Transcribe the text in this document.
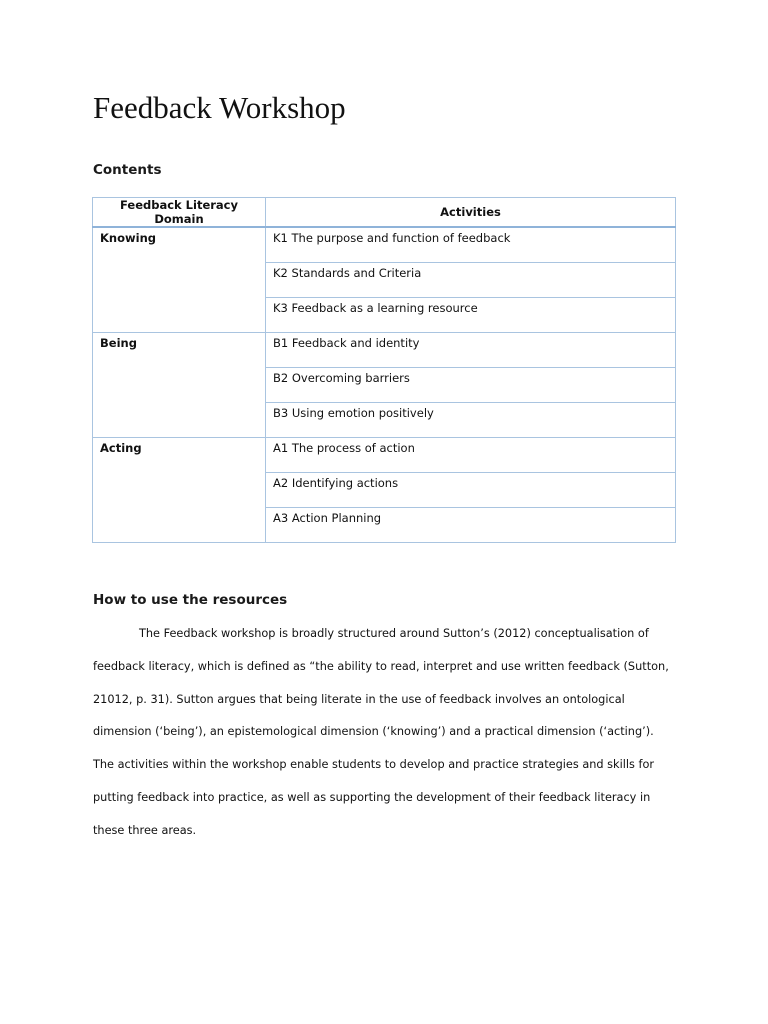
Feedback Workshop
Contents
Feedback Literacy Domain	Activities
Knowing	K1 The purpose and function of feedback
	K2 Standards and Criteria
	K3 Feedback as a learning resource
Being	B1 Feedback and identity
	B2 Overcoming barriers
	B3 Using emotion positively
Acting	A1 The process of action
	A2 Identifying actions
	A3 Action Planning
How to use the resources

The Feedback workshop is broadly structured around Sutton’s (2012) conceptualisation of feedback literacy, which is defined as “the ability to read, interpret and use written feedback (Sutton, 21012, p. 31). Sutton argues that being literate in the use of feedback involves an ontological dimension (‘being’), an epistemological dimension (‘knowing’) and a practical dimension (‘acting’). The activities within the workshop enable students to develop and practice strategies and skills for putting feedback into practice, as well as supporting the development of their feedback literacy in these three areas.
